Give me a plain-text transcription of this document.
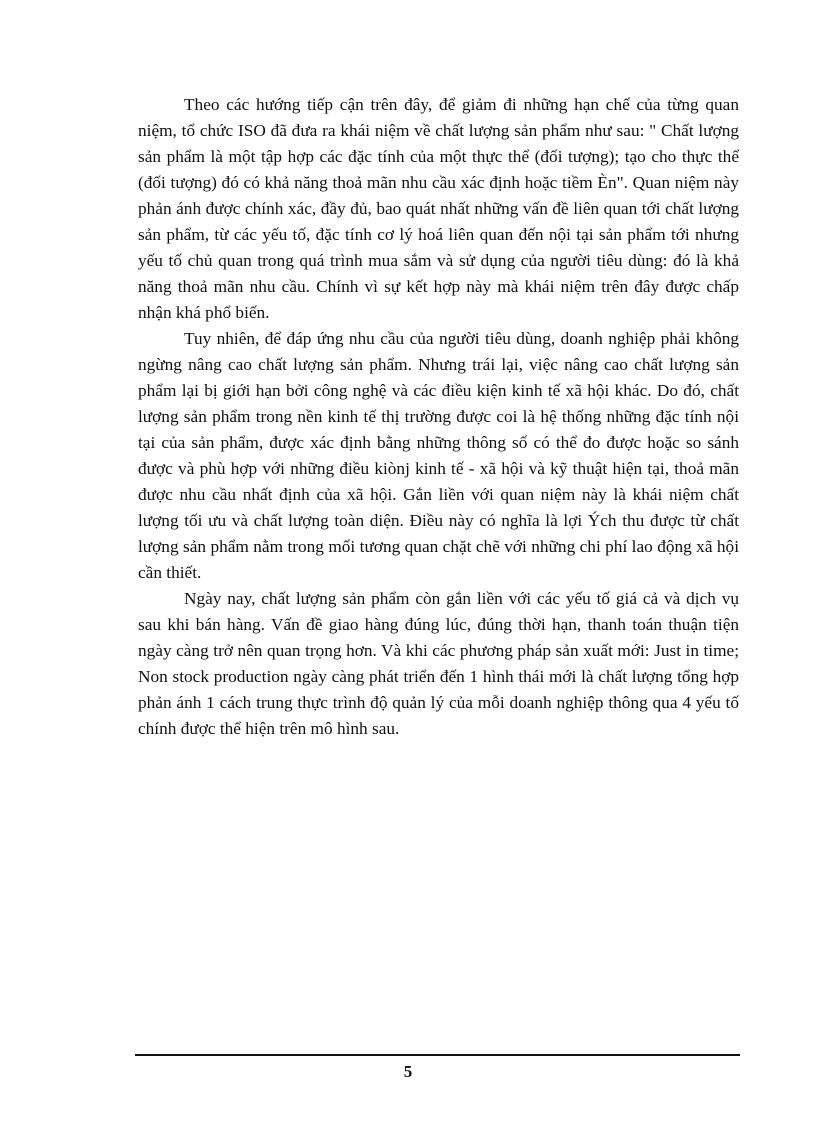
Theo các hướng tiếp cận trên đây, để giảm đi những hạn chế của từng quan niệm, tổ chức ISO đã đưa ra khái niệm về chất lượng sản phẩm như sau: " Chất lượng sản phẩm là một tập hợp các đặc tính của một thực thể (đối tượng); tạo cho thực thể (đối tượng) đó có khả năng thoả mãn nhu cầu xác định hoặc tiềm Èn". Quan niệm này phản ánh được chính xác, đầy đủ, bao quát nhất những vấn đề liên quan tới chất lượng sản phẩm, từ các yếu tố, đặc tính cơ lý hoá liên quan đến nội tại sản phẩm tới nhưng yếu tố chủ quan trong quá trình mua sắm và sử dụng của người tiêu dùng: đó là khả năng thoả mãn nhu cầu. Chính vì sự kết hợp này mà khái niệm trên đây được chấp nhận khá phổ biến.

Tuy nhiên, để đáp ứng nhu cầu của người tiêu dùng, doanh nghiệp phải không ngừng nâng cao chất lượng sản phẩm. Nhưng trái lại, việc nâng cao chất lượng sản phẩm lại bị giới hạn bởi công nghệ và các điều kiện kinh tế xã hội khác. Do đó, chất lượng sản phẩm trong nền kinh tế thị trường được coi là hệ thống những đặc tính nội tại của sản phẩm, được xác định bằng những thông số có thể đo được hoặc so sánh được và phù hợp với những điều kiònj kinh tế - xã hội và kỹ thuật hiện tại, thoả mãn được nhu cầu nhất định của xã hội. Gắn liền với quan niệm này là khái niệm chất lượng tối ưu và chất lượng toàn diện. Điều này có nghĩa là lợi Ých thu được từ chất lượng sản phẩm nằm trong mối tương quan chặt chẽ với những chi phí lao động xã hội cần thiết.

Ngày nay, chất lượng sản phẩm còn gắn liền với các yếu tố giá cả và dịch vụ sau khi bán hàng. Vấn đề giao hàng đúng lúc, đúng thời hạn, thanh toán thuận tiện ngày càng trở nên quan trọng hơn. Và khi các phương pháp sản xuất mới: Just in time; Non stock production ngày càng phát triển đến 1 hình thái mới là chất lượng tổng hợp phản ánh 1 cách trung thực trình độ quản lý của mỗi doanh nghiệp thông qua 4 yếu tố chính được thể hiện trên mô hình sau.

5
